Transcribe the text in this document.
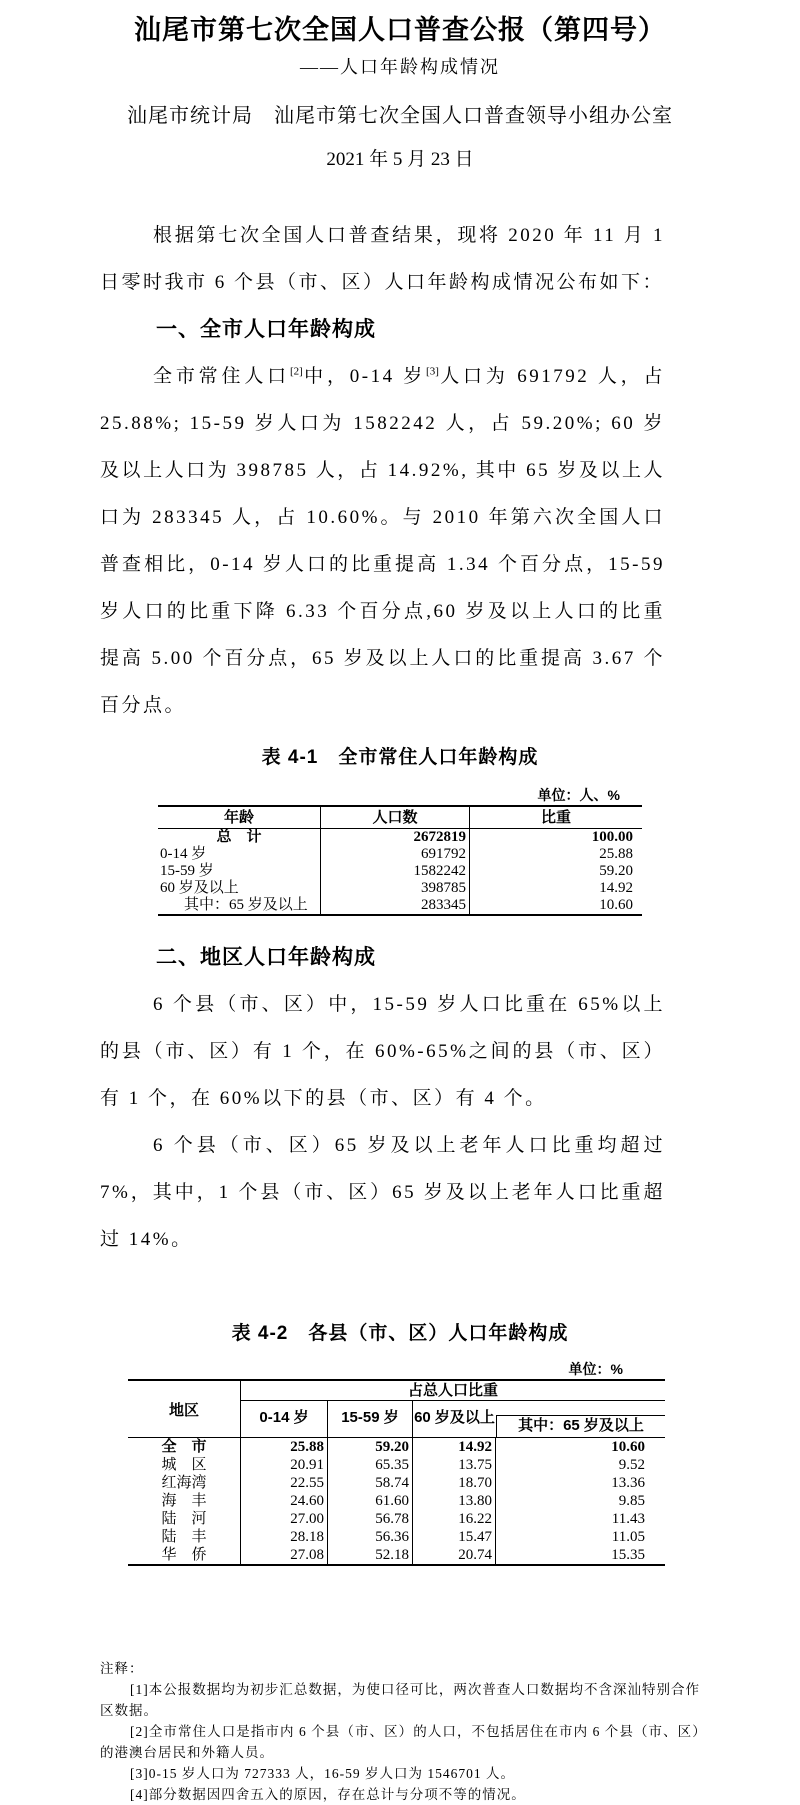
汕尾市第七次全国人口普查公报（第四号）
——人口年龄构成情况
汕尾市统计局　汕尾市第七次全国人口普查领导小组办公室
2021 年 5 月 23 日

根据第七次全国人口普查结果，现将 2020 年 11 月 1 日零时我市 6 个县（市、区）人口年龄构成情况公布如下：

一、全市人口年龄构成

全市常住人口[2]中，0-14 岁[3]人口为 691792 人，占 25.88%; 15-59 岁人口为 1582242 人，占 59.20%; 60 岁及以上人口为 398785 人，占 14.92%, 其中 65 岁及以上人口为 283345 人，占 10.60%。与 2010 年第六次全国人口普查相比，0-14 岁人口的比重提高 1.34 个百分点，15-59 岁人口的比重下降 6.33 个百分点,60 岁及以上人口的比重提高 5.00 个百分点，65 岁及以上人口的比重提高 3.67 个百分点。

表 4-1　全市常住人口年龄构成
单位：人、%
年龄	人口数	比重
总　计	2672819	100.00
0-14 岁	691792	25.88
15-59 岁	1582242	59.20
60 岁及以上	398785	14.92
其中：65 岁及以上	283345	10.60
二、地区人口年龄构成

6 个县（市、区）中，15-59 岁人口比重在 65%以上的县（市、区）有 1 个，在 60%-65%之间的县（市、区）有 1 个，在 60%以下的县（市、区）有 4 个。

6 个县（市、区）65 岁及以上老年人口比重均超过 7%，其中，1 个县（市、区）65 岁及以上老年人口比重超过 14%。

表 4-2　各县（市、区）人口年龄构成
单位：%
地区
占总人口比重
0-14 岁	15-59 岁	60 岁及以上	其中：65 岁及以上
全　市	25.88	59.20	14.92	10.60
城　区	20.91	65.35	13.75	9.52
红海湾	22.55	58.74	18.70	13.36
海　丰	24.60	61.60	13.80	9.85
陆　河	27.00	56.78	16.22	11.43
陆　丰	28.18	56.36	15.47	11.05
华　侨	27.08	52.18	20.74	15.35

注释：

[1]本公报数据均为初步汇总数据，为使口径可比，两次普查人口数据均不含深汕特别合作区数据。

[2]全市常住人口是指市内 6 个县（市、区）的人口，不包括居住在市内 6 个县（市、区）的港澳台居民和外籍人员。

[3]0-15 岁人口为 727333 人，16-59 岁人口为 1546701 人。

[4]部分数据因四舍五入的原因，存在总计与分项不等的情况。
